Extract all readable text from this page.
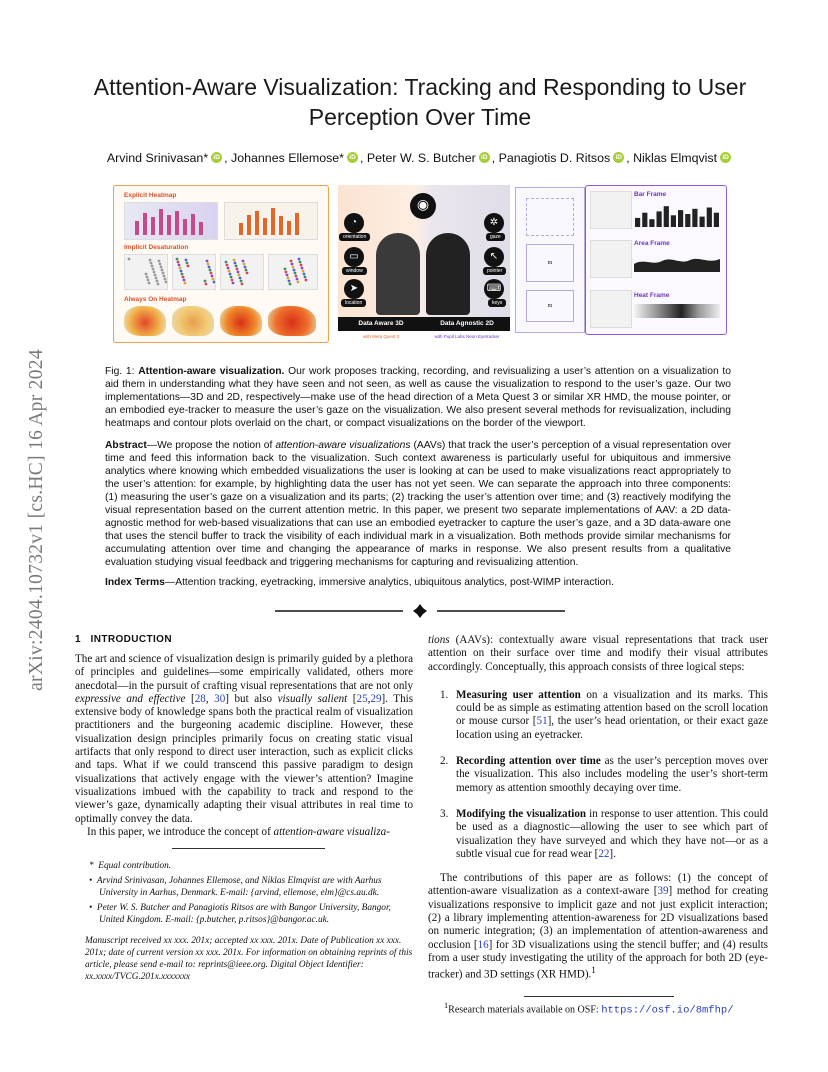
arXiv:2404.10732v1 [cs.HC] 16 Apr 2024
Attention-Aware Visualization: Tracking and Responding to User Perception Over Time
Arvind Srinivasan* iD , Johannes Ellemose* iD , Peter W. S. Butcher iD , Panagiotis D. Ritsos iD , Niklas Elmqvist iD
Explicit Heatmap
Implicit Desaturation
Always On Heatmap
◉
◔
orientation
▭
window
➤
location
✲
gaze
↖
pointer
⌨
keys
Data Aware 3D	Data Agnostic 2D
with Meta Quest 3	with Pupil Labs Neon Eyetracker
m
m
Bar Frame
Area Frame
Heat Frame
Fig. 1: Attention-aware visualization. Our work proposes tracking, recording, and revisualizing a user’s attention on a visualization to aid them in understanding what they have seen and not seen, as well as cause the visualization to respond to the user’s gaze. Our two implementations—3D and 2D, respectively—make use of the head direction of a Meta Quest 3 or similar XR HMD, the mouse pointer, or an embodied eye-tracker to measure the user’s gaze on the visualization. We also present several methods for revisualization, including heatmaps and contour plots overlaid on the chart, or compact visualizations on the border of the viewport.
Abstract—We propose the notion of attention-aware visualizations (AAVs) that track the user’s perception of a visual representation over time and feed this information back to the visualization. Such context awareness is particularly useful for ubiquitous and immersive analytics where knowing which embedded visualizations the user is looking at can be used to make visualizations react appropriately to the user’s attention: for example, by highlighting data the user has not yet seen. We can separate the approach into three components: (1) measuring the user’s gaze on a visualization and its parts; (2) tracking the user’s attention over time; and (3) reactively modifying the visual representation based on the current attention metric. In this paper, we present two separate implementations of AAV: a 2D data-agnostic method for web-based visualizations that can use an embodied eyetracker to capture the user’s gaze, and a 3D data-aware one that uses the stencil buffer to track the visibility of each individual mark in a visualization. Both methods provide similar mechanisms for accumulating attention over time and changing the appearance of marks in response. We also present results from a qualitative evaluation studying visual feedback and triggering mechanisms for capturing and revisualizing attention.
Index Terms—Attention tracking, eyetracking, immersive analytics, ubiquitous analytics, post-WIMP interaction.
1 INTRODUCTION
The art and science of visualization design is primarily guided by a plethora of principles and guidelines—some empirically validated, others more anecdotal—in the pursuit of crafting visual representations that are not only expressive and effective [28, 30] but also visually salient [25,29]. This extensive body of knowledge spans both the practical realm of visualization practitioners and the burgeoning academic discipline. However, these visualization design principles primarily focus on creating static visual artifacts that only respond to direct user interaction, such as explicit clicks and taps. What if we could transcend this passive paradigm to design visualizations that actively engage with the viewer’s attention? Imagine visualizations imbued with the capability to track and respond to the viewer’s gaze, dynamically adapting their visual attributes in real time to optimally convey the data.
In this paper, we introduce the concept of attention-aware visualiza-
*  Equal contribution.
•  Arvind Srinivasan, Johannes Ellemose, and Niklas Elmqvist are with Aarhus University in Aarhus, Denmark. E-mail: {arvind, ellemose, elm}@cs.au.dk.
•  Peter W. S. Butcher and Panagiotis Ritsos are with Bangor University, Bangor, United Kingdom. E-mail: {p.butcher, p.ritsos}@bangor.ac.uk.
Manuscript received xx xxx. 201x; accepted xx xxx. 201x. Date of Publication xx xxx. 201x; date of current version xx xxx. 201x. For information on obtaining reprints of this article, please send e-mail to: reprints@ieee.org. Digital Object Identifier: xx.xxxx/TVCG.201x.xxxxxxx
tions (AAVs): contextually aware visual representations that track user attention on their surface over time and modify their visual attributes accordingly. Conceptually, this approach consists of three logical steps:
1. Measuring user attention on a visualization and its marks. This could be as simple as estimating attention based on the scroll location or mouse cursor [51], the user’s head orientation, or their exact gaze location using an eyetracker.
2. Recording attention over time as the user’s perception moves over the visualization. This also includes modeling the user’s short-term memory as attention smoothly decaying over time.
3. Modifying the visualization in response to user attention. This could be used as a diagnostic—allowing the user to see which part of visualization they have surveyed and which they have not—or as a subtle visual cue for read wear [22].
The contributions of this paper are as follows: (1) the concept of attention-aware visualization as a context-aware [39] method for creating visualizations responsive to implicit gaze and not just explicit interaction; (2) a library implementing attention-awareness for 2D visualizations based on numeric integration; (3) an implementation of attention-awareness and occlusion [16] for 3D visualizations using the stencil buffer; and (4) results from a user study investigating the utility of the approach for both 2D (eye-tracker) and 3D settings (XR HMD).$^1$
$^1$Research materials available on OSF: https://osf.io/8mfhp/
